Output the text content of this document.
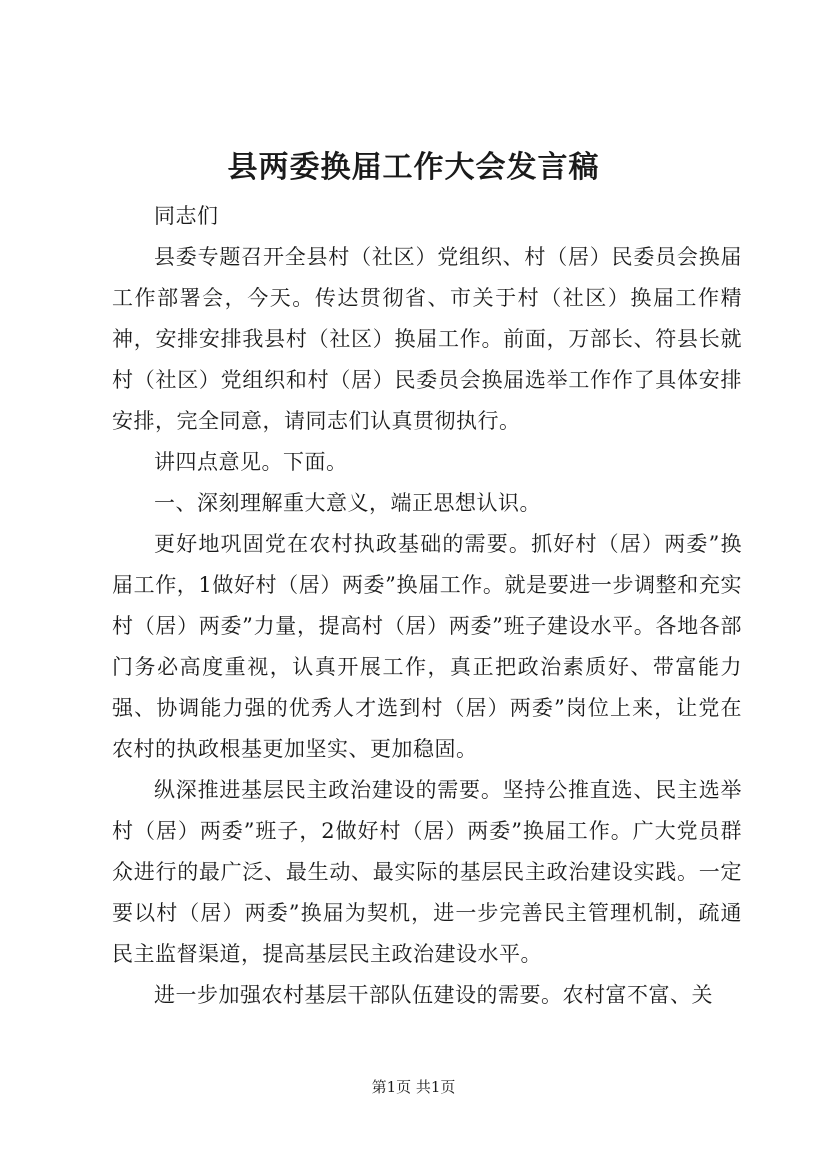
县两委换届工作大会发言稿

同志们

县委专题召开全县村（社区）党组织、村（居）民委员会换届工作部署会，今天。传达贯彻省、市关于村（社区）换届工作精神，安排安排我县村（社区）换届工作。前面，万部长、符县长就村（社区）党组织和村（居）民委员会换届选举工作作了具体安排安排，完全同意，请同志们认真贯彻执行。

讲四点意见。下面。

一、深刻理解重大意义，端正思想认识。

更好地巩固党在农村执政基础的需要。抓好村（居）两委”换届工作，1做好村（居）两委”换届工作。就是要进一步调整和充实村（居）两委”力量，提高村（居）两委”班子建设水平。各地各部门务必高度重视，认真开展工作，真正把政治素质好、带富能力强、协调能力强的优秀人才选到村（居）两委”岗位上来，让党在农村的执政根基更加坚实、更加稳固。

纵深推进基层民主政治建设的需要。坚持公推直选、民主选举村（居）两委”班子，2做好村（居）两委”换届工作。广大党员群众进行的最广泛、最生动、最实际的基层民主政治建设实践。一定要以村（居）两委”换届为契机，进一步完善民主管理机制，疏通民主监督渠道，提高基层民主政治建设水平。

进一步加强农村基层干部队伍建设的需要。农村富不富、关

第1页 共1页
